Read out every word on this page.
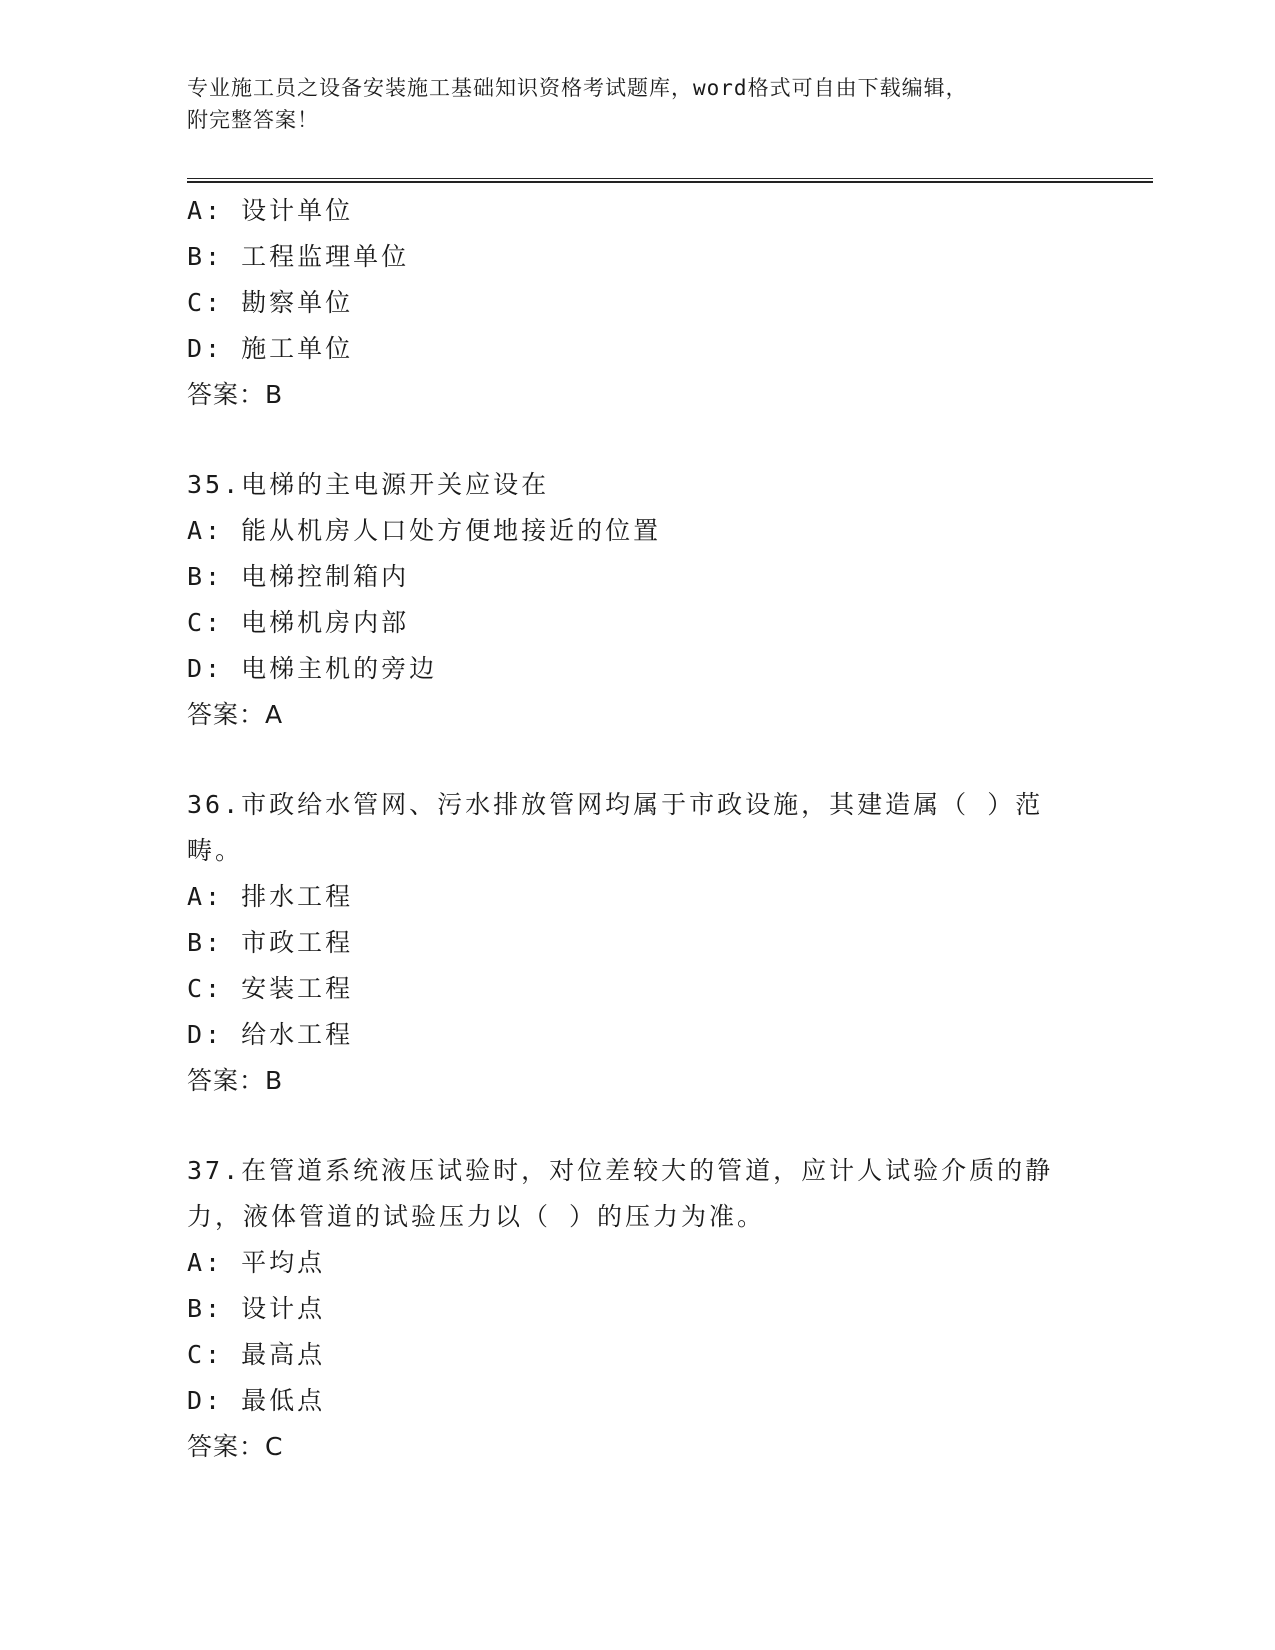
专业施工员之设备安装施工基础知识资格考试题库，word格式可自由下载编辑，
附完整答案！
A: 设计单位
B: 工程监理单位
C: 勘察单位
D: 施工单位
答案：B
35.电梯的主电源开关应设在
A: 能从机房人口处方便地接近的位置
B: 电梯控制箱内
C: 电梯机房内部
D: 电梯主机的旁边
答案：A
36.市政给水管网、污水排放管网均属于市政设施，其建造属（ ）范
畴。
A: 排水工程
B: 市政工程
C: 安装工程
D: 给水工程
答案：B
37.在管道系统液压试验时，对位差较大的管道，应计人试验介质的静
力，液体管道的试验压力以（ ）的压力为准。
A: 平均点
B: 设计点
C: 最高点
D: 最低点
答案：C
